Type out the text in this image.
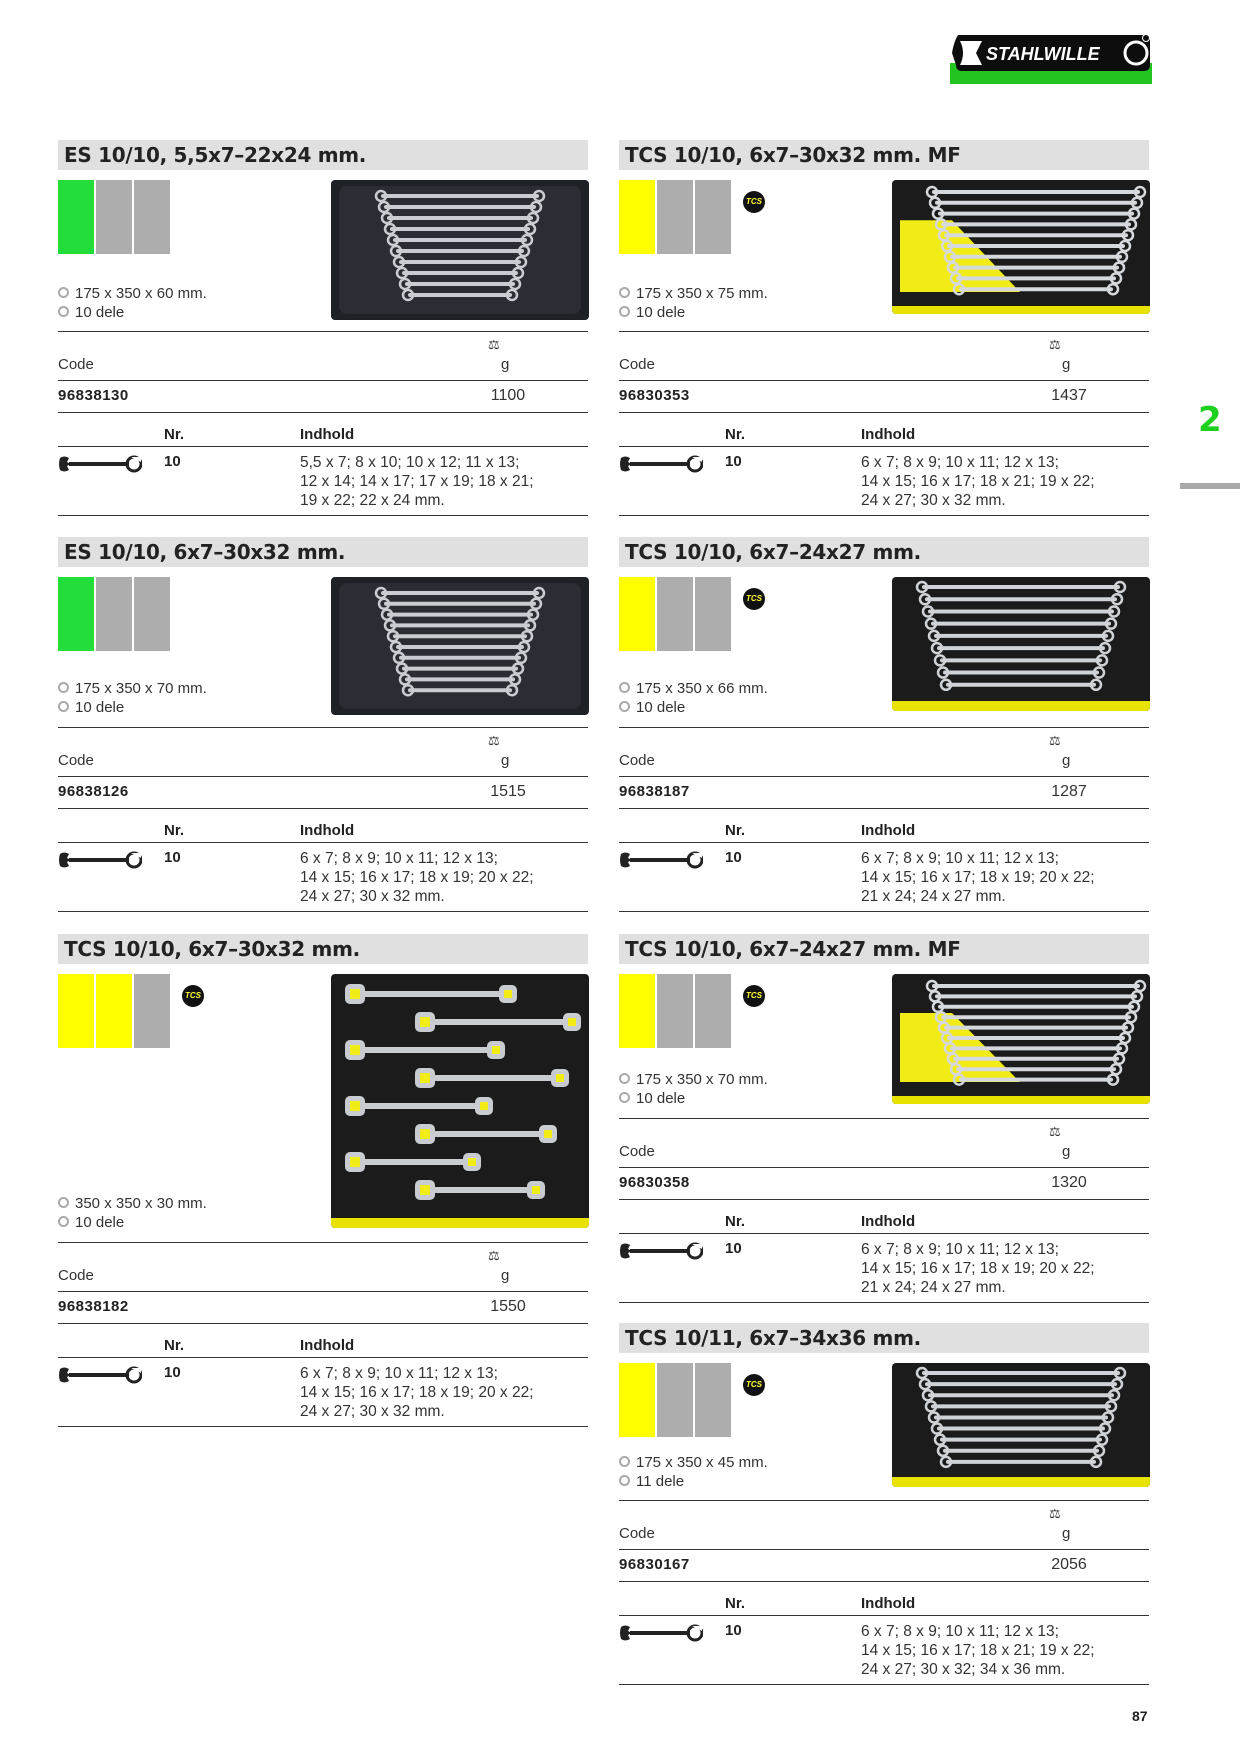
STAHLWILLE
2
87
ES 10/10, 5,5x7–22x24 mm.
175 x 350 x 60 mm.
10 dele
⚖
Code	g
96838130	1100
Nr.	Indhold
10	5,5 x 7; 8 x 10; 10 x 12; 11 x 13;
12 x 14; 14 x 17; 17 x 19; 18 x 21;
19 x 22; 22 x 24 mm.
TCS 10/10, 6x7–30x32 mm. MF
TCS
175 x 350 x 75 mm.
10 dele
⚖
Code	g
96830353	1437
Nr.	Indhold
10	6 x 7; 8 x 9; 10 x 11; 12 x 13;
14 x 15; 16 x 17; 18 x 21; 19 x 22;
24 x 27; 30 x 32 mm.
ES 10/10, 6x7–30x32 mm.
175 x 350 x 70 mm.
10 dele
⚖
Code	g
96838126	1515
Nr.	Indhold
10	6 x 7; 8 x 9; 10 x 11; 12 x 13;
14 x 15; 16 x 17; 18 x 19; 20 x 22;
24 x 27; 30 x 32 mm.
TCS 10/10, 6x7–24x27 mm.
TCS
175 x 350 x 66 mm.
10 dele
⚖
Code	g
96838187	1287
Nr.	Indhold
10	6 x 7; 8 x 9; 10 x 11; 12 x 13;
14 x 15; 16 x 17; 18 x 19; 20 x 22;
21 x 24; 24 x 27 mm.
TCS 10/10, 6x7–30x32 mm.
TCS
350 x 350 x 30 mm.
10 dele
⚖
Code	g
96838182	1550
Nr.	Indhold
10	6 x 7; 8 x 9; 10 x 11; 12 x 13;
14 x 15; 16 x 17; 18 x 19; 20 x 22;
24 x 27; 30 x 32 mm.
TCS 10/10, 6x7–24x27 mm. MF
TCS
175 x 350 x 70 mm.
10 dele
⚖
Code	g
96830358	1320
Nr.	Indhold
10	6 x 7; 8 x 9; 10 x 11; 12 x 13;
14 x 15; 16 x 17; 18 x 19; 20 x 22;
21 x 24; 24 x 27 mm.
TCS 10/11, 6x7–34x36 mm.
TCS
175 x 350 x 45 mm.
11 dele
⚖
Code	g
96830167	2056
Nr.	Indhold
10	6 x 7; 8 x 9; 10 x 11; 12 x 13;
14 x 15; 16 x 17; 18 x 21; 19 x 22;
24 x 27; 30 x 32; 34 x 36 mm.
